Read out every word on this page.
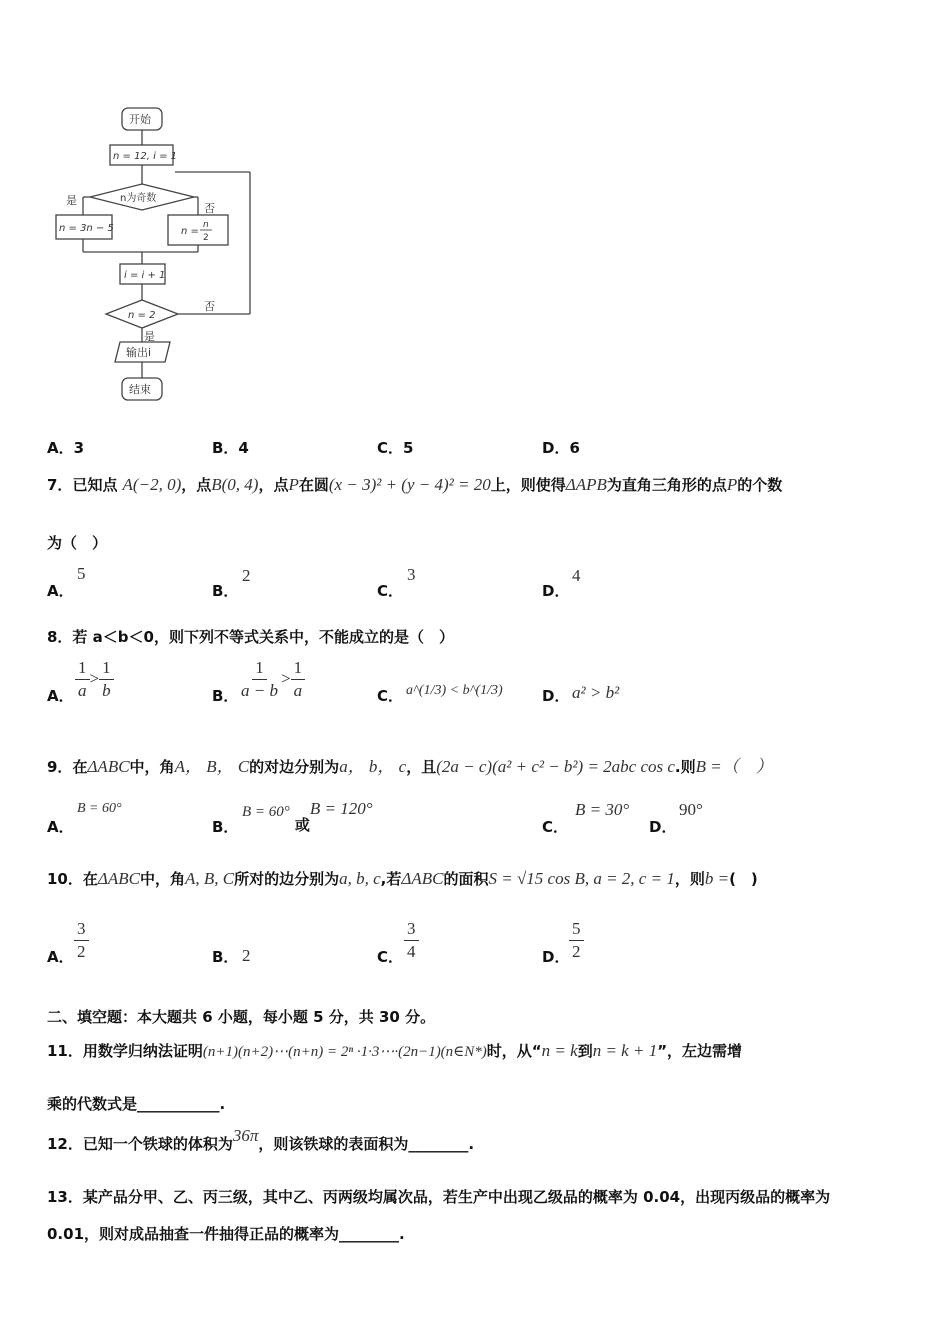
开始
n = 12, i = 1
n为奇数
是
否
n = 3n − 5	n =
n
2
i = i + 1
n = 2
是
否
输出i
结束
A．3	B．4	C．5	D．6
7．已知点 A(−2, 0)，点B(0, 4)，点P在圆(x − 3)² + (y − 4)² = 20上，则使得ΔAPB为直角三角形的点P的个数
为（　）
A．
5
B．
2
C．
3
D．
4
8．若 a＜b＜0，则下列不等式关系中，不能成立的是（　）
A． $\frac{1}{a} > \frac{1}{b}$	B． $\frac{1}{a - b} > \frac{1}{a}$	C． a^(1/3) < b^(1/3)	D． a² > b²
9．在ΔABC中，角A， B， C的对边分别为a， b， c，且(2a − c)(a² + c² − b²) = 2abc cos c.则B =（　）
A．
B = 60°
B．
B = 60° 或B = 120°
C．
B = 30°
D．
90°
10．在ΔABC中，角A, B, C所对的边分别为a, b, c,若ΔABC的面积S = √15 cos B, a = 2, c = 1，则b =(　)
A． $\frac{3}{2}$	B． 2	C． $\frac{3}{4}$	D． $\frac{5}{2}$
二、填空题：本大题共 6 小题，每小题 5 分，共 30 分。
11．用数学归纳法证明(n+1)(n+2)⋯(n+n) = 2ⁿ ·1·3⋯·(2n−1)(n∈N*)时，从“n = k到n = k + 1”，左边需增
乘的代数式是___________.
12．已知一个铁球的体积为36π，则该铁球的表面积为________.
13．某产品分甲、乙、丙三级，其中乙、丙两级均属次品，若生产中出现乙级品的概率为 0.04，出现丙级品的概率为
0.01，则对成品抽查一件抽得正品的概率为________.
